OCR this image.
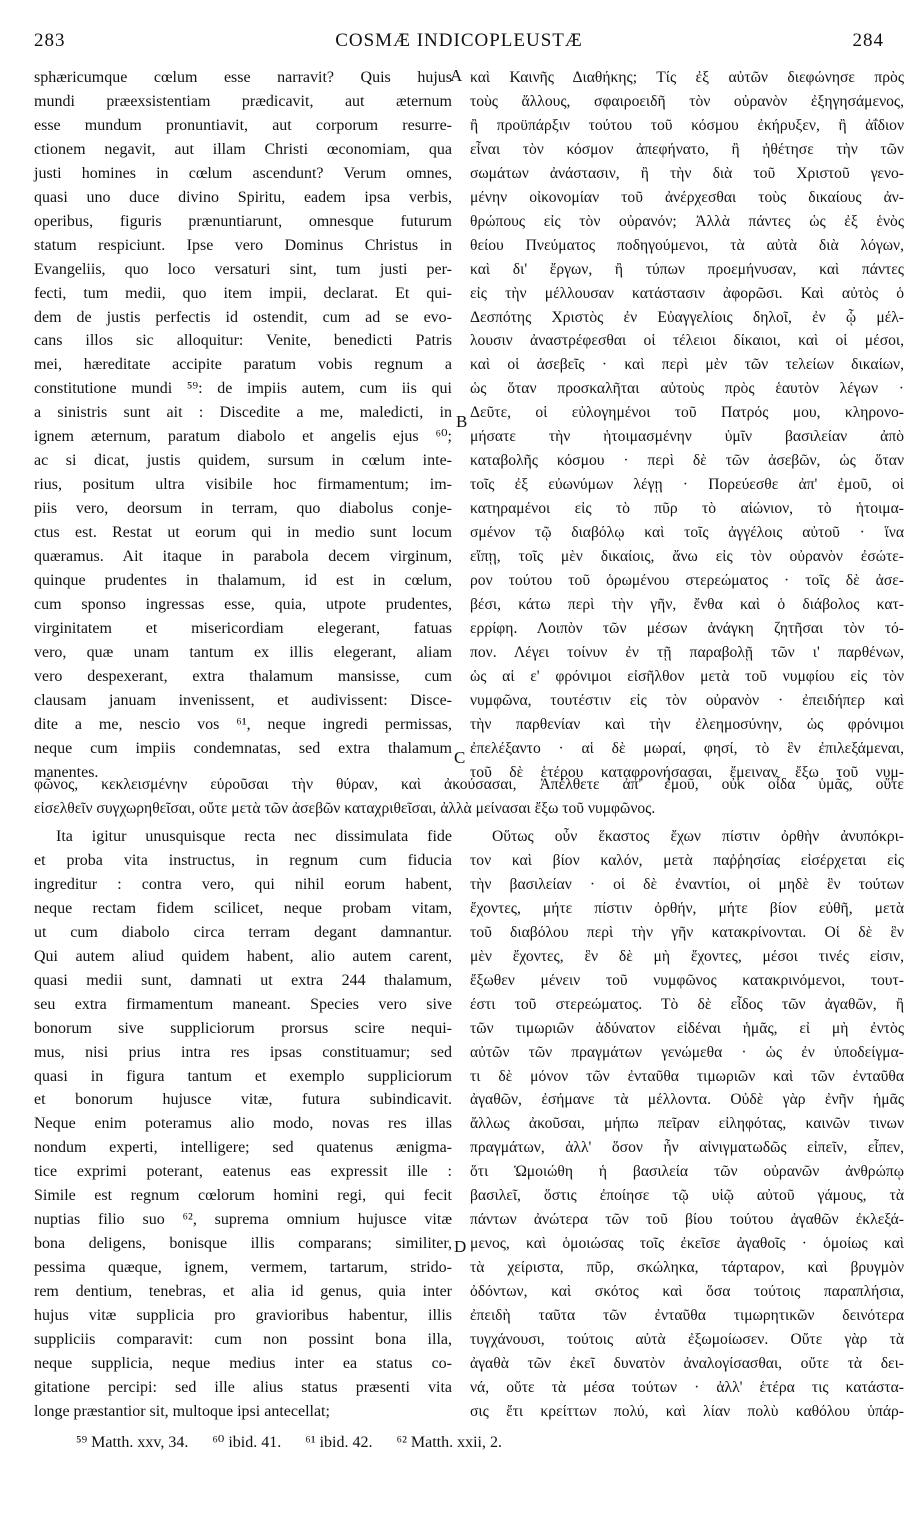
283	COSMÆ INDICOPLEUSTÆ	284
sphæricumque cœlum esse narravit? Quis hujus
mundi præexsistentiam prædicavit, aut æternum
esse mundum pronuntiavit, aut corporum resurre-
ctionem negavit, aut illam Christi œconomiam, qua
justi homines in cœlum ascendunt? Verum omnes,
quasi uno duce divino Spiritu, eadem ipsa verbis,
operibus, figuris prænuntiarunt, omnesque futurum
statum respiciunt. Ipse vero Dominus Christus in
Evangeliis, quo loco versaturi sint, tum justi per-
fecti, tum medii, quo item impii, declarat. Et qui-
dem de justis perfectis id ostendit, cum ad se evo-
cans illos sic alloquitur: Venite, benedicti Patris
mei, hæreditate accipite paratum vobis regnum a
constitutione mundi ⁵⁹: de impiis autem, cum iis qui
a sinistris sunt ait : Discedite a me, maledicti, in
ignem æternum, paratum diabolo et angelis ejus ⁶⁰;
ac si dicat, justis quidem, sursum in cœlum inte-
rius, positum ultra visibile hoc firmamentum; im-
piis vero, deorsum in terram, quo diabolus conje-
ctus est. Restat ut eorum qui in medio sunt locum
quæramus. Ait itaque in parabola decem virginum,
quinque prudentes in thalamum, id est in cœlum,
cum sponso ingressas esse, quia, utpote prudentes,
virginitatem et misericordiam elegerant, fatuas
vero, quæ unam tantum ex illis elegerant, aliam
vero despexerant, extra thalamum mansisse, cum
clausam januam invenissent, et audivissent: Disce-
dite a me, nescio vos ⁶¹, neque ingredi permissas,
neque cum impiis condemnatas, sed extra thalamum
manentes.
καὶ Καινῆς Διαθήκης; Τίς ἐξ αὐτῶν διεφώνησε πρὸς
τοὺς ἄλλους, σφαιροειδῆ τὸν οὐρανὸν ἐξηγησάμενος,
ἢ προϋπάρξιν τούτου τοῦ κόσμου ἐκήρυξεν, ἢ ἀΐδιον
εἶναι τὸν κόσμον ἀπεφήνατο, ἢ ἠθέτησε τὴν τῶν
σωμάτων ἀνάστασιν, ἢ τὴν διὰ τοῦ Χριστοῦ γενο-
μένην οἰκονομίαν τοῦ ἀνέρχεσθαι τοὺς δικαίους ἀν-
θρώπους εἰς τὸν οὐρανόν; Ἀλλὰ πάντες ὡς ἐξ ἑνὸς
θείου Πνεύματος ποδηγούμενοι, τὰ αὐτὰ διὰ λόγων,
καὶ δι' ἔργων, ἢ τύπων προεμήνυσαν, καὶ πάντες
εἰς τὴν μέλλουσαν κατάστασιν ἀφορῶσι. Καὶ αὐτὸς ὁ
Δεσπότης Χριστὸς ἐν Εὐαγγελίοις δηλοῖ, ἐν ᾧ μέλ-
λουσιν ἀναστρέφεσθαι οἱ τέλειοι δίκαιοι, καὶ οἱ μέσοι,
καὶ οἱ ἀσεβεῖς · καὶ περὶ μὲν τῶν τελείων δικαίων,
ὡς ὅταν προσκαλῆται αὐτοὺς πρὸς ἑαυτὸν λέγων ·
Δεῦτε, οἱ εὐλογημένοι τοῦ Πατρός μου, κληρονο-
μήσατε τὴν ἡτοιμασμένην ὑμῖν βασιλείαν ἀπὸ
καταβολῆς κόσμου · περὶ δὲ τῶν ἀσεβῶν, ὡς ὅταν
τοῖς ἐξ εὐωνύμων λέγῃ · Πορεύεσθε ἀπ' ἐμοῦ, οἱ
κατηραμένοι εἰς τὸ πῦρ τὸ αἰώνιον, τὸ ἡτοιμα-
σμένον τῷ διαβόλῳ καὶ τοῖς ἀγγέλοις αὐτοῦ · ἵνα
εἴπῃ, τοῖς μὲν δικαίοις, ἄνω εἰς τὸν οὐρανὸν ἐσώτε-
ρον τούτου τοῦ ὁρωμένου στερεώματος · τοῖς δὲ ἀσε-
βέσι, κάτω περὶ τὴν γῆν, ἔνθα καὶ ὁ διάβολος κατ-
ερρίφη. Λοιπὸν τῶν μέσων ἀνάγκη ζητῆσαι τὸν τό-
πον. Λέγει τοίνυν ἐν τῇ παραβολῇ τῶν ι' παρθένων,
ὡς αἱ ε' φρόνιμοι εἰσῆλθον μετὰ τοῦ νυμφίου εἰς τὸν
νυμφῶνα, τουτέστιν εἰς τὸν οὐρανὸν · ἐπειδήπερ καὶ
τὴν παρθενίαν καὶ τὴν ἐλεημοσύνην, ὡς φρόνιμοι
ἐπελέξαντο · αἱ δὲ μωραί, φησί, τὸ ἓν ἐπιλεξάμεναι,
τοῦ δὲ ἑτέρου καταφρονήσασαι, ἔμειναν ἔξω τοῦ νυμ-
A
B
C
D
φῶνος, κεκλεισμένην εὑροῦσαι τὴν θύραν, καὶ ἀκούσασαι, Ἀπέλθετε ἀπ' ἐμοῦ, οὐκ οἶδα ὑμᾶς, οὔτε
εἰσελθεῖν συγχωρηθεῖσαι, οὔτε μετὰ τῶν ἀσεβῶν καταχριθεῖσαι, ἀλλὰ μείνασαι ἔξω τοῦ νυμφῶνος.
Ita igitur unusquisque recta nec dissimulata fide
et proba vita instructus, in regnum cum fiducia
ingreditur : contra vero, qui nihil eorum habent,
neque rectam fidem scilicet, neque probam vitam,
ut cum diabolo circa terram degant damnantur.
Qui autem aliud quidem habent, alio autem carent,
quasi medii sunt, damnati ut extra 244 thalamum,
seu extra firmamentum maneant. Species vero sive
bonorum sive suppliciorum prorsus scire nequi-
mus, nisi prius intra res ipsas constituamur; sed
quasi in figura tantum et exemplo suppliciorum
et bonorum hujusce vitæ, futura subindicavit.
Neque enim poteramus alio modo, novas res illas
nondum experti, intelligere; sed quatenus ænigma-
tice exprimi poterant, eatenus eas expressit ille :
Simile est regnum cœlorum homini regi, qui fecit
nuptias filio suo ⁶², suprema omnium hujusce vitæ
bona deligens, bonisque illis comparans; similiter,
pessima quæque, ignem, vermem, tartarum, strido-
rem dentium, tenebras, et alia id genus, quia inter
hujus vitæ supplicia pro gravioribus habentur, illis
suppliciis comparavit: cum non possint bona illa,
neque supplicia, neque medius inter ea status co-
gitatione percipi: sed ille alius status præsenti vita
longe præstantior sit, multoque ipsi antecellat;
Οὕτως οὖν ἕκαστος ἔχων πίστιν ὀρθὴν ἀνυπόκρι-
τον καὶ βίον καλόν, μετὰ παῤῥησίας εἰσέρχεται εἰς
τὴν βασιλείαν · οἱ δὲ ἐναντίοι, οἱ μηδὲ ἓν τούτων
ἔχοντες, μήτε πίστιν ὀρθήν, μήτε βίον εὐθῆ, μετὰ
τοῦ διαβόλου περὶ τὴν γῆν κατακρίνονται. Οἱ δὲ ἓν
μὲν ἔχοντες, ἓν δὲ μὴ ἔχοντες, μέσοι τινές εἰσιν,
ἔξωθεν μένειν τοῦ νυμφῶνος κατακρινόμενοι, τουτ-
έστι τοῦ στερεώματος. Τὸ δὲ εἶδος τῶν ἀγαθῶν, ἢ
τῶν τιμωριῶν ἀδύνατον εἰδέναι ἡμᾶς, εἰ μὴ ἐντὸς
αὐτῶν τῶν πραγμάτων γενώμεθα · ὡς ἐν ὑποδείγμα-
τι δὲ μόνον τῶν ἐνταῦθα τιμωριῶν καὶ τῶν ἐνταῦθα
ἀγαθῶν, ἐσήμανε τὰ μέλλοντα. Οὐδὲ γὰρ ἐνῆν ἡμᾶς
ἄλλως ἀκοῦσαι, μήπω πεῖραν εἰληφότας, καινῶν τινων
πραγμάτων, ἀλλ' ὅσον ἦν αἰνιγματωδῶς εἰπεῖν, εἶπεν,
ὅτι Ὡμοιώθη ἡ βασιλεία τῶν οὐρανῶν ἀνθρώπῳ
βασιλεῖ, ὅστις ἐποίησε τῷ υἱῷ αὐτοῦ γάμους, τὰ
πάντων ἀνώτερα τῶν τοῦ βίου τούτου ἀγαθῶν ἐκλεξά-
μενος, καὶ ὁμοιώσας τοῖς ἐκεῖσε ἀγαθοῖς · ὁμοίως καὶ
τὰ χείριστα, πῦρ, σκώληκα, τάρταρον, καὶ βρυγμὸν
ὀδόντων, καὶ σκότος καὶ ὅσα τούτοις παραπλήσια,
ἐπειδὴ ταῦτα τῶν ἐνταῦθα τιμωρητικῶν δεινότερα
τυγχάνουσι, τούτοις αὐτὰ ἐξωμοίωσεν. Οὔτε γὰρ τὰ
ἀγαθὰ τῶν ἐκεῖ δυνατὸν ἀναλογίσασθαι, οὔτε τὰ δει-
νά, οὔτε τὰ μέσα τούτων · ἀλλ' ἑτέρα τις κατάστα-
σις ἔτι κρείττων πολύ, καὶ λίαν πολὺ καθόλου ὑπάρ-
⁵⁹ Matth. xxv, 34. ⁶⁰ ibid. 41. ⁶¹ ibid. 42. ⁶² Matth. xxii, 2.
